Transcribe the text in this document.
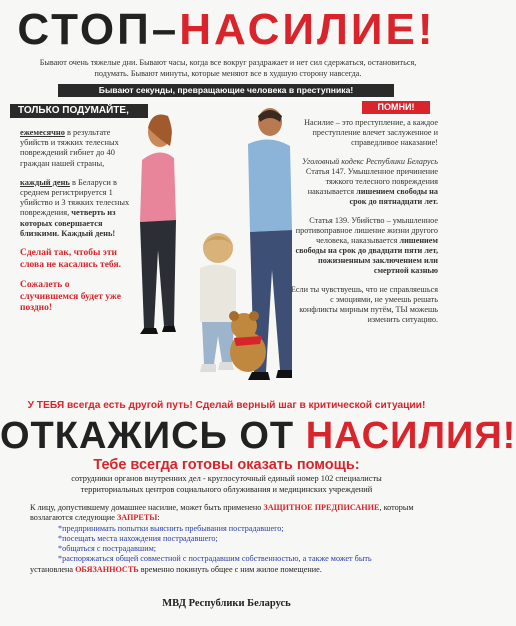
СТОП–НАСИЛИЕ!
Бывают очень тяжелые дни. Бывают часы, когда все вокруг раздражает и нет сил сдержаться, остановиться, подумать. Бывают минуты, которые меняют все в худшую сторону навсегда.
Бывают секунды, превращающие человека в преступника!
ТОЛЬКО ПОДУМАЙТЕ,

ежемесячно в результате убийств и тяжких телесных повреждений гибнет до 40 граждан нашей страны,

каждый день в Беларуси в среднем регистрируется 1 убийство и 3 тяжких телесных повреждения, четверть из которых совершается близкими. Каждый день!

Сделай так, чтобы эти слова не касались тебя.

Сожалеть о случившемся будет уже поздно!

ПОМНИ!

Насилие – это преступление, а каждое преступление влечет заслуженное и справедливое наказание!

Уголовный кодекс Республики Беларусь
Статья 147. Умышленное причинение тяжкого телесного повреждения наказывается лишением свободы на срок до пятнадцати лет.

Статья 139. Убийство – умышленное противоправное лишение жизни другого человека, наказывается лишением свободы на срок до двадцати пяти лет, пожизненным заключением или смертной казнью

Если ты чувствуешь, что не справляешься с эмоциями, не умеешь решать конфликты мирным путём, ТЫ можешь изменить ситуацию.

У ТЕБЯ всегда есть другой путь! Сделай верный шаг в критической ситуации!
ОТКАЖИСЬ ОТ НАСИЛИЯ!
Тебе всегда готовы оказать помощь:
сотрудники органов внутренних дел - круглосуточный единый номер 102 специалисты территориальных центров социального облуживания и медицинских учреждений
К лицу, допустившему домашнее насилие, может быть применено ЗАЩИТНОЕ ПРЕДПИСАНИЕ, которым возлагаются следующие ЗАПРЕТЫ:
*предпринимать попытки выяснить пребывания пострадавшего;
*посещать места нахождения пострадавшего;
*общаться с пострадавшим;
*распоряжаться общей совместной с пострадавшим собственностью, а также может быть
установлена ОБЯЗАННОСТЬ временно покинуть общее с ним жилое помещение.
МВД Республики Беларусь
